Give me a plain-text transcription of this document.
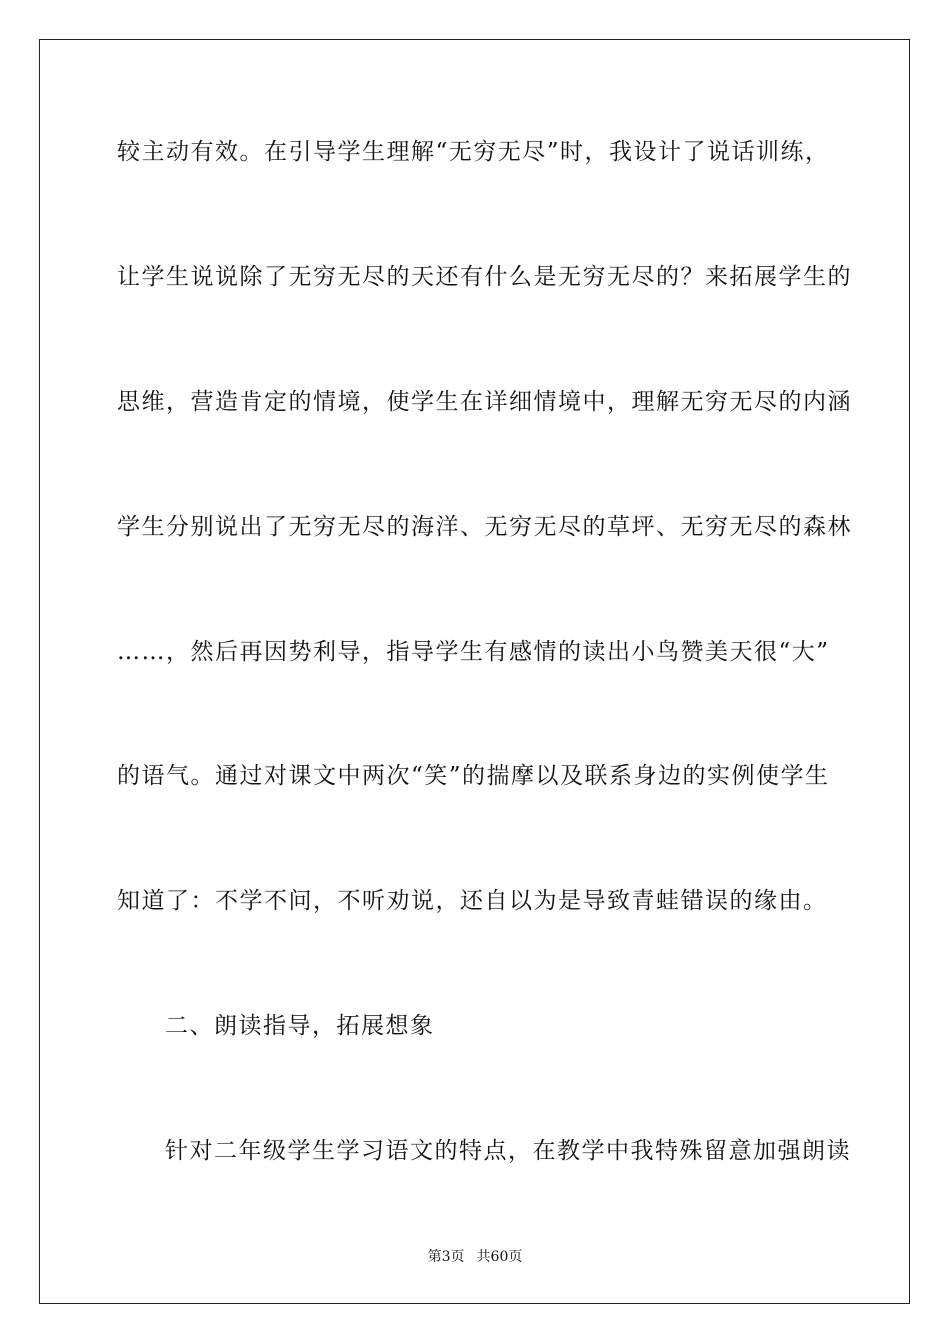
较主动有效。在引导学生理解“无穷无尽”时，我设计了说话训练，
让学生说说除了无穷无尽的天还有什么是无穷无尽的？来拓展学生的
思维，营造肯定的情境，使学生在详细情境中，理解无穷无尽的内涵
学生分别说出了无穷无尽的海洋、无穷无尽的草坪、无穷无尽的森林
……，然后再因势利导，指导学生有感情的读出小鸟赞美天很“大”
的语气。通过对课文中两次“笑”的揣摩以及联系身边的实例使学生
知道了：不学不问，不听劝说，还自以为是导致青蛙错误的缘由。
二、朗读指导，拓展想象
针对二年级学生学习语文的特点，在教学中我特殊留意加强朗读
第3页 共60页
